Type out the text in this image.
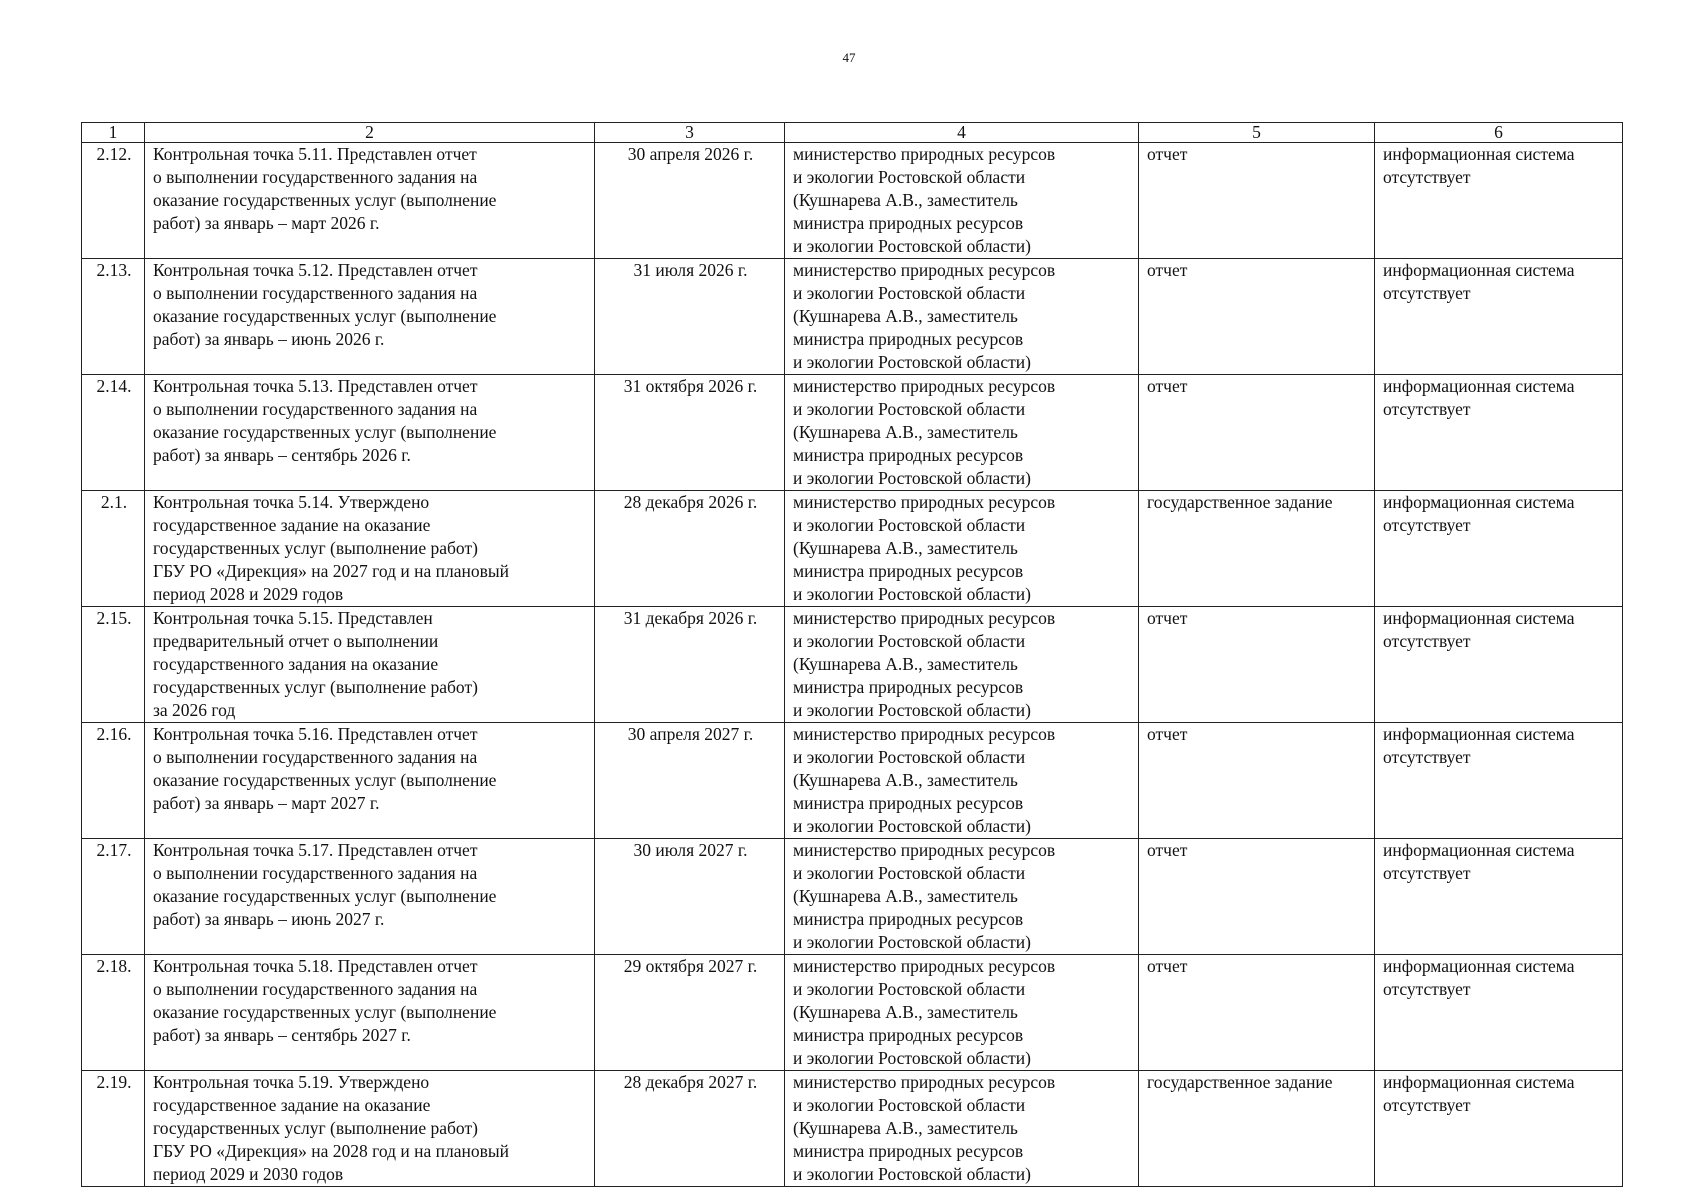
47
1	2	3	4	5	6

2.12.	Контрольная точка 5.11. Представлен отчет
о выполнении государственного задания на
оказание государственных услуг (выполнение
работ) за январь – март 2026 г.	30 апреля 2026 г.	министерство природных ресурсов
и экологии Ростовской области
(Кушнарева А.В., заместитель
министра природных ресурсов
и экологии Ростовской области)	отчет	информационная система
отсутствует

2.13.	Контрольная точка 5.12. Представлен отчет
о выполнении государственного задания на
оказание государственных услуг (выполнение
работ) за январь – июнь 2026 г.	31 июля 2026 г.	министерство природных ресурсов
и экологии Ростовской области
(Кушнарева А.В., заместитель
министра природных ресурсов
и экологии Ростовской области)	отчет	информационная система
отсутствует

2.14.	Контрольная точка 5.13. Представлен отчет
о выполнении государственного задания на
оказание государственных услуг (выполнение
работ) за январь – сентябрь 2026 г.	31 октября 2026 г.	министерство природных ресурсов
и экологии Ростовской области
(Кушнарева А.В., заместитель
министра природных ресурсов
и экологии Ростовской области)	отчет	информационная система
отсутствует

2.1.	Контрольная точка 5.14. Утверждено
государственное задание на оказание
государственных услуг (выполнение работ)
ГБУ РО «Дирекция» на 2027 год и на плановый
период 2028 и 2029 годов	28 декабря 2026 г.	министерство природных ресурсов
и экологии Ростовской области
(Кушнарева А.В., заместитель
министра природных ресурсов
и экологии Ростовской области)	государственное задание	информационная система
отсутствует

2.15.	Контрольная точка 5.15. Представлен
предварительный отчет о выполнении
государственного задания на оказание
государственных услуг (выполнение работ)
за 2026 год	31 декабря 2026 г.	министерство природных ресурсов
и экологии Ростовской области
(Кушнарева А.В., заместитель
министра природных ресурсов
и экологии Ростовской области)	отчет	информационная система
отсутствует

2.16.	Контрольная точка 5.16. Представлен отчет
о выполнении государственного задания на
оказание государственных услуг (выполнение
работ) за январь – март 2027 г.	30 апреля 2027 г.	министерство природных ресурсов
и экологии Ростовской области
(Кушнарева А.В., заместитель
министра природных ресурсов
и экологии Ростовской области)	отчет	информационная система
отсутствует

2.17.	Контрольная точка 5.17. Представлен отчет
о выполнении государственного задания на
оказание государственных услуг (выполнение
работ) за январь – июнь 2027 г.	30 июля 2027 г.	министерство природных ресурсов
и экологии Ростовской области
(Кушнарева А.В., заместитель
министра природных ресурсов
и экологии Ростовской области)	отчет	информационная система
отсутствует

2.18.	Контрольная точка 5.18. Представлен отчет
о выполнении государственного задания на
оказание государственных услуг (выполнение
работ) за январь – сентябрь 2027 г.	29 октября 2027 г.	министерство природных ресурсов
и экологии Ростовской области
(Кушнарева А.В., заместитель
министра природных ресурсов
и экологии Ростовской области)	отчет	информационная система
отсутствует

2.19.	Контрольная точка 5.19. Утверждено
государственное задание на оказание
государственных услуг (выполнение работ)
ГБУ РО «Дирекция» на 2028 год и на плановый
период 2029 и 2030 годов	28 декабря 2027 г.	министерство природных ресурсов
и экологии Ростовской области
(Кушнарева А.В., заместитель
министра природных ресурсов
и экологии Ростовской области)	государственное задание	информационная система
отсутствует
